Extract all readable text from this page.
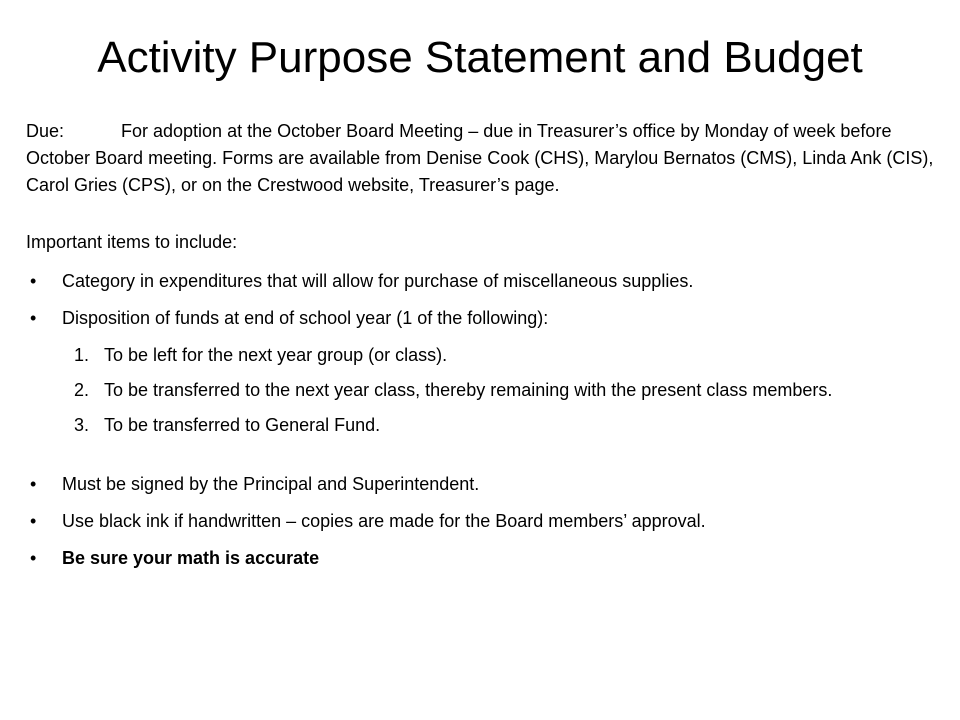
Activity Purpose Statement and Budget

Due:	For adoption at the October Board Meeting – due in Treasurer’s office by Monday of week before October Board meeting. Forms are available from Denise Cook (CHS), Marylou Bernatos (CMS), Linda Ank (CIS), Carol Gries (CPS), or on the Crestwood website, Treasurer’s page.

Important items to include:

•	Category in expenditures that will allow for purchase of miscellaneous supplies.
•	Disposition of funds at end of school year (1 of the following):
1. To be left for the next year group (or class).
2. To be transferred to the next year class, thereby remaining with the present class members.
3. To be transferred to General Fund.
•	Must be signed by the Principal and Superintendent.
•	Use black ink if handwritten – copies are made for the Board members’ approval.
•	Be sure your math is accurate
